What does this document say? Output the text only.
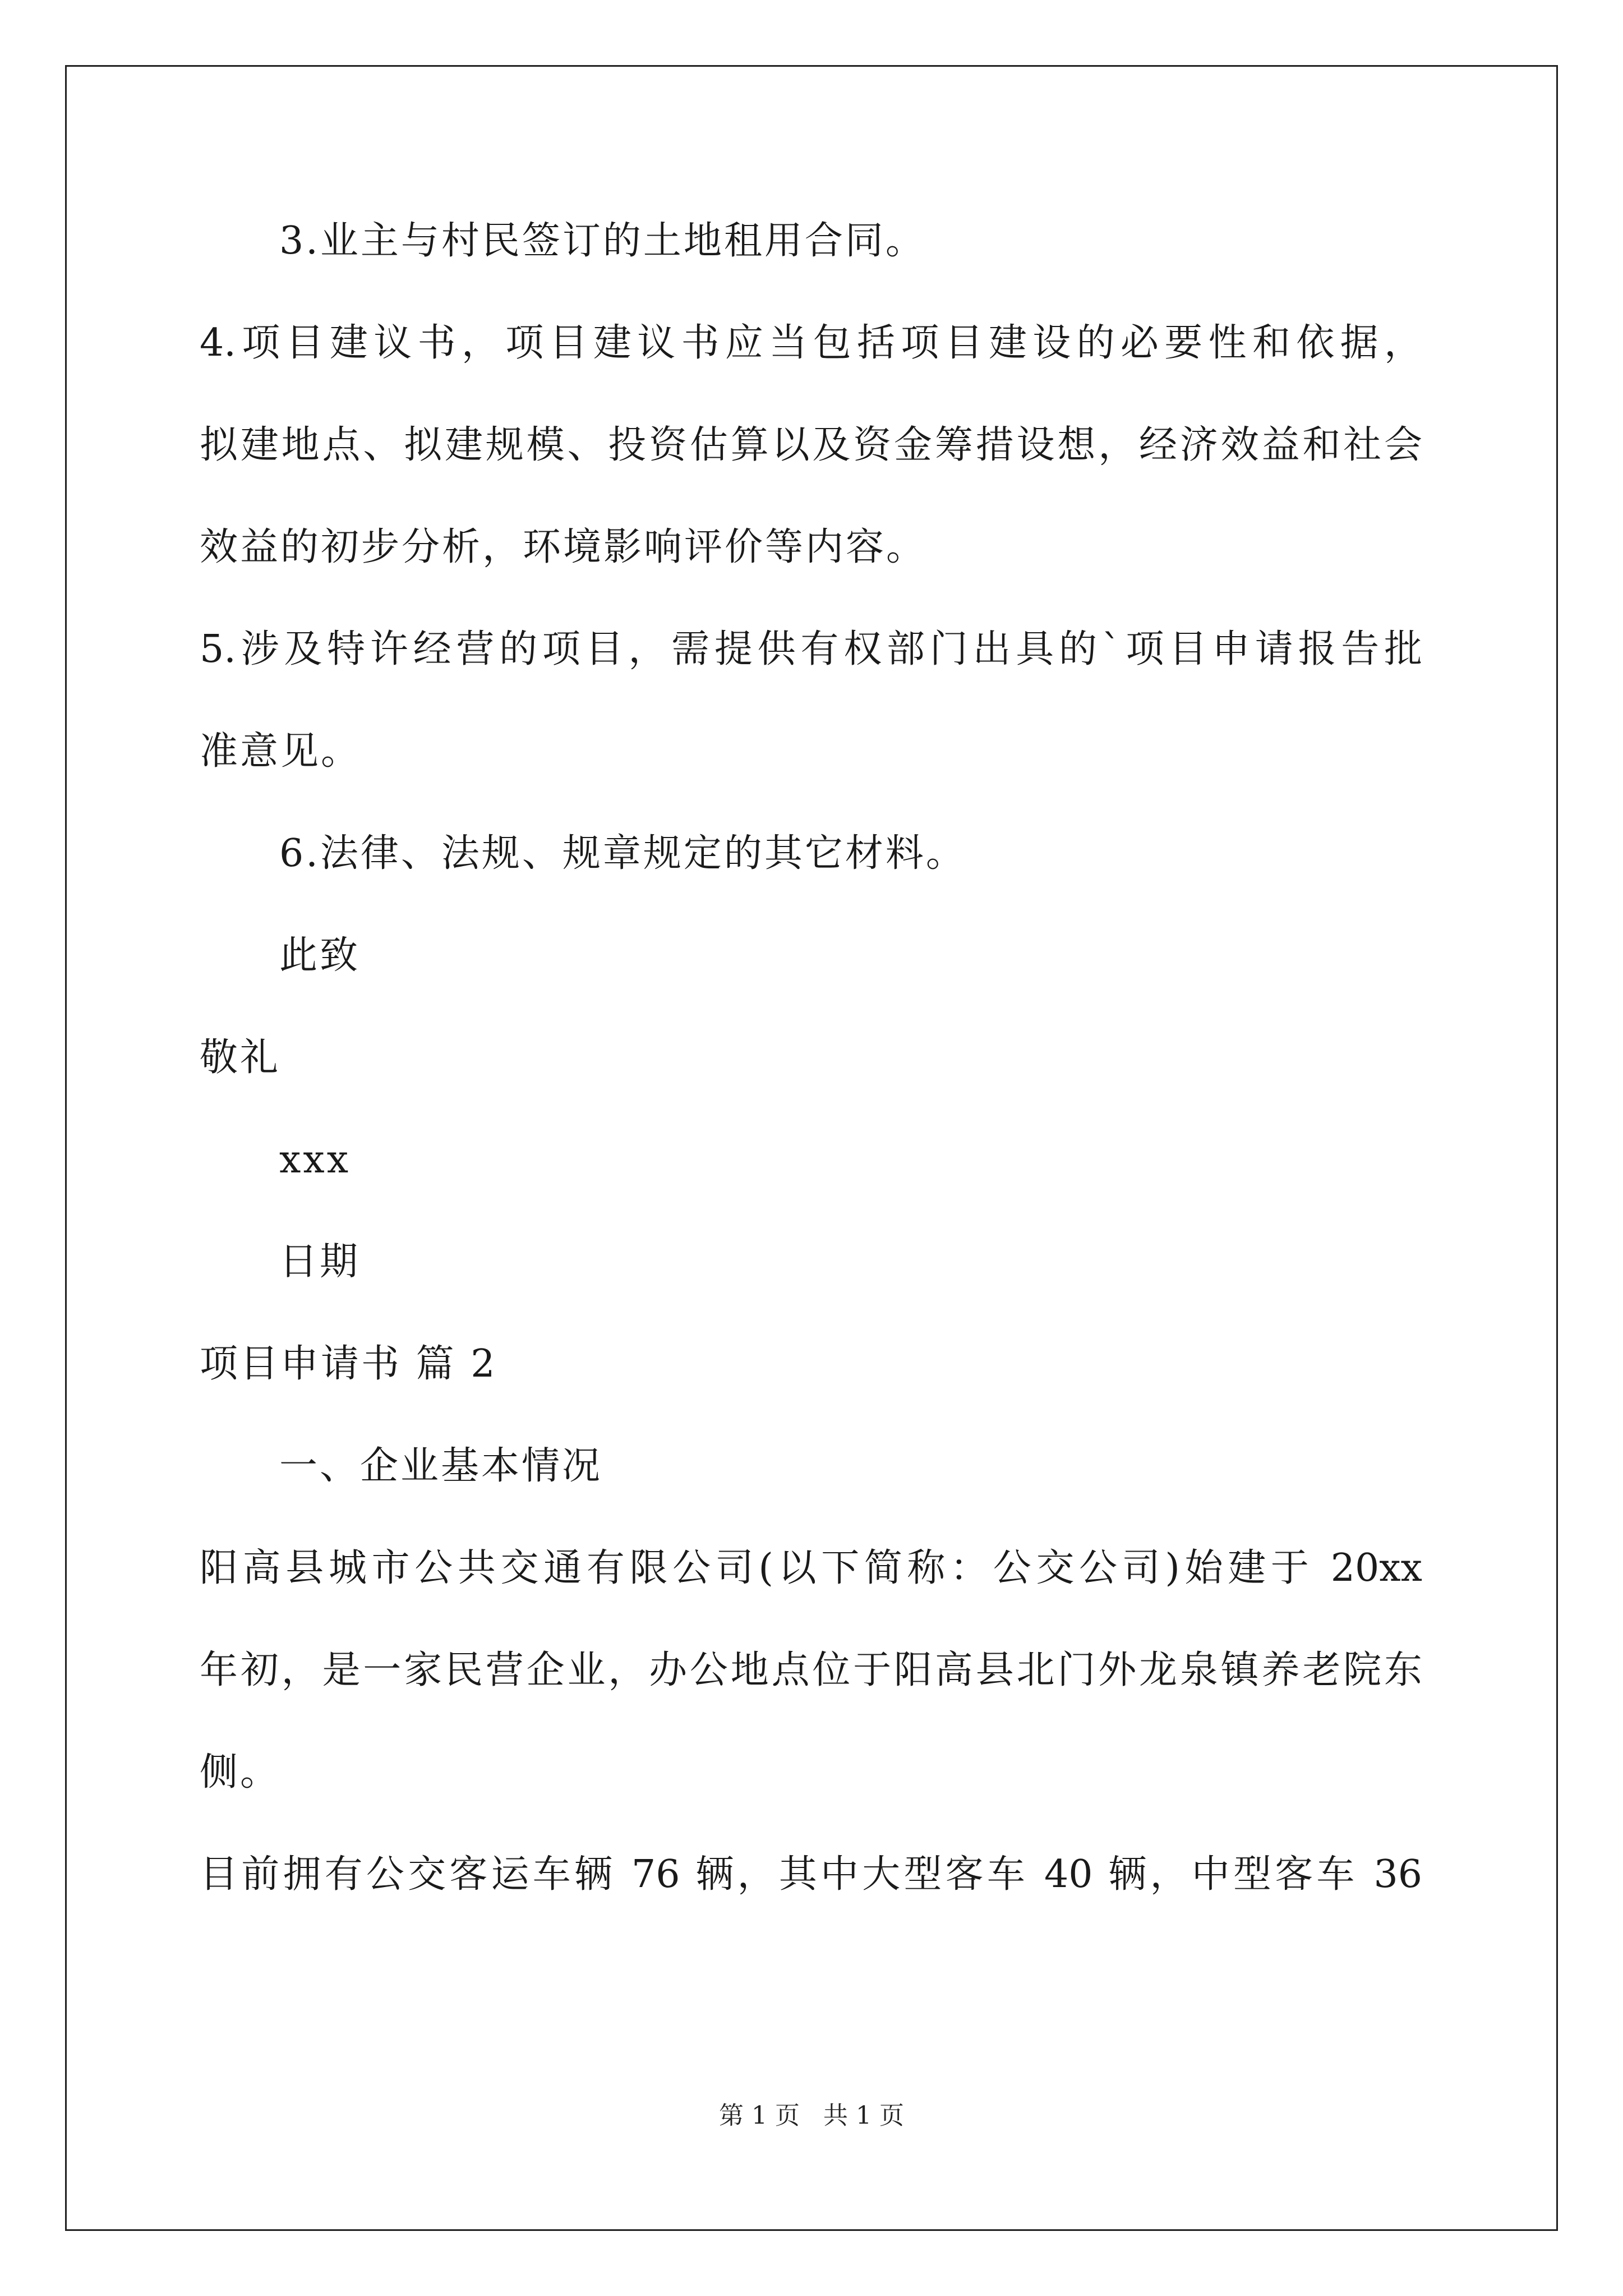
3.业主与村民签订的土地租用合同。
4.项目建议书，项目建议书应当包括项目建设的必要性和依据，
拟建地点、拟建规模、投资估算以及资金筹措设想，经济效益和社会
效益的初步分析，环境影响评价等内容。
5.涉及特许经营的项目，需提供有权部门出具的`项目申请报告批
准意见。
6.法律、法规、规章规定的其它材料。
此致
敬礼
xxx
日期
项目申请书 篇 2
一、企业基本情况
阳高县城市公共交通有限公司(以下简称：公交公司)始建于 20xx
年初，是一家民营企业，办公地点位于阳高县北门外龙泉镇养老院东
侧。
目前拥有公交客运车辆 76 辆，其中大型客车 40 辆，中型客车 36
第 1 页 共 1 页
